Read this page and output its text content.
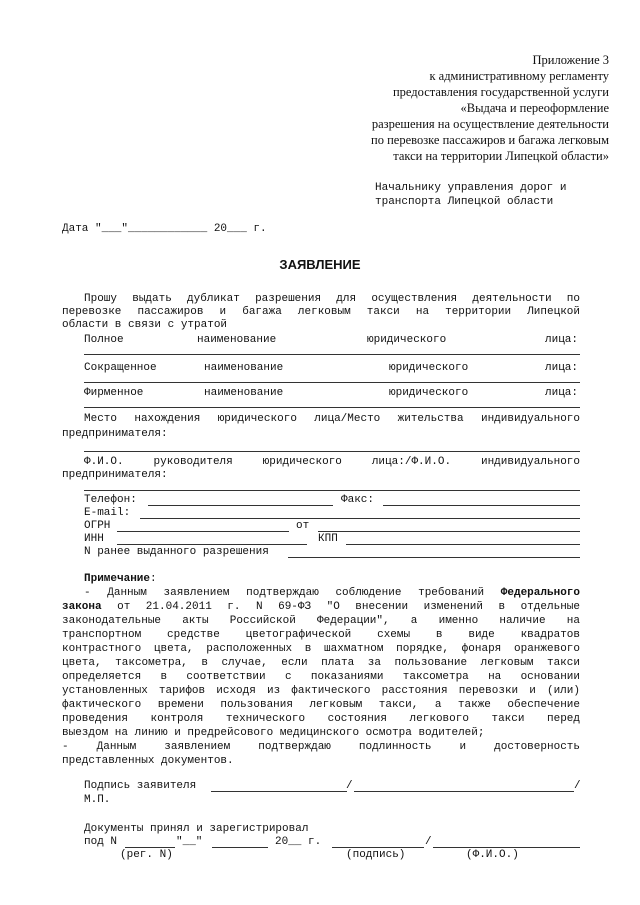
Приложение 3
к административному регламенту
предоставления государственной услуги
«Выдача и переоформление
разрешения на осуществление деятельности
по перевозке пассажиров и багажа легковым
такси на территории Липецкой области»
Начальнику управления дорог и
транспорта Липецкой области
Дата "___"____________ 20___ г.
ЗАЯВЛЕНИЕ
Прошу выдать дубликат разрешения для осуществления деятельности по
перевозке пассажиров и багажа легковым такси на территории Липецкой
области в связи с утратой
Полное	наименование	юридического	лица:
Сокращенное	наименование	юридического	лица:
Фирменное	наименование	юридического	лица:
Место нахождения юридического лица/Место жительства индивидуального
предпринимателя:
Ф.И.О. руководителя юридического лица:/Ф.И.О. индивидуального
предпринимателя:
Телефон:	Факс:
E-mail:
ОГРН	от
ИНН	КПП
N ранее выданного разрешения
Примечание:
- Данным заявлением подтверждаю соблюдение требований Федерального
закона от 21.04.2011 г. N 69-ФЗ "О внесении изменений в отдельные
законодательные акты Российской Федерации", а именно наличие на
транспортном средстве цветографической схемы в виде квадратов
контрастного цвета, расположенных в шахматном порядке, фонаря оранжевого
цвета, таксометра, в случае, если плата за пользование легковым такси
определяется в соответствии с показаниями таксометра на основании
установленных тарифов исходя из фактического расстояния перевозки и (или)
фактического времени пользования легковым такси, а также обеспечение
проведения контроля технического состояния легкового такси перед
выездом на линию и предрейсового медицинского осмотра водителей;
- Данным заявлением подтверждаю подлинность и достоверность
представленных документов.
Подпись заявителя	/	/
М.П.
Документы принял и зарегистрировал
под N	"__"	20__ г.	/
(рег. N)	(подпись)	(Ф.И.О.)
